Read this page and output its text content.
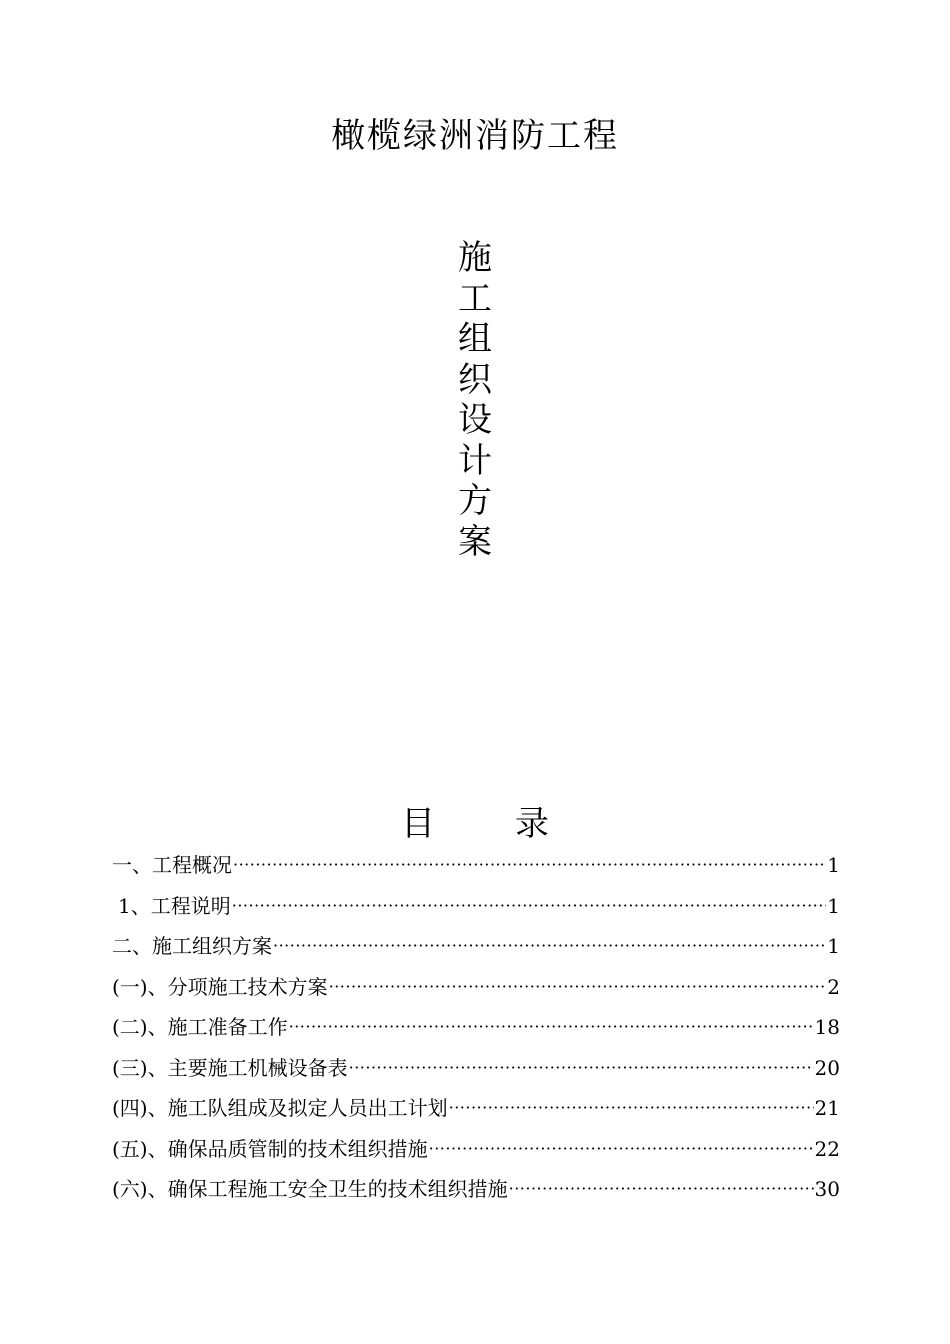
橄榄绿洲消防工程
施
工
组
织
设
计
方
案
目 录
一、工程概况 ·····	1
1、工程说明 ·····	1
二、施工组织方案 ·····	1
(一)、分项施工技术方案 ·····	2
(二)、施工准备工作 ·····	18
(三)、主要施工机械设备表 ·····	20
(四)、施工队组成及拟定人员出工计划 ·····	21
(五)、确保品质管制的技术组织措施 ·····	22
(六)、确保工程施工安全卫生的技术组织措施 ·····	30
